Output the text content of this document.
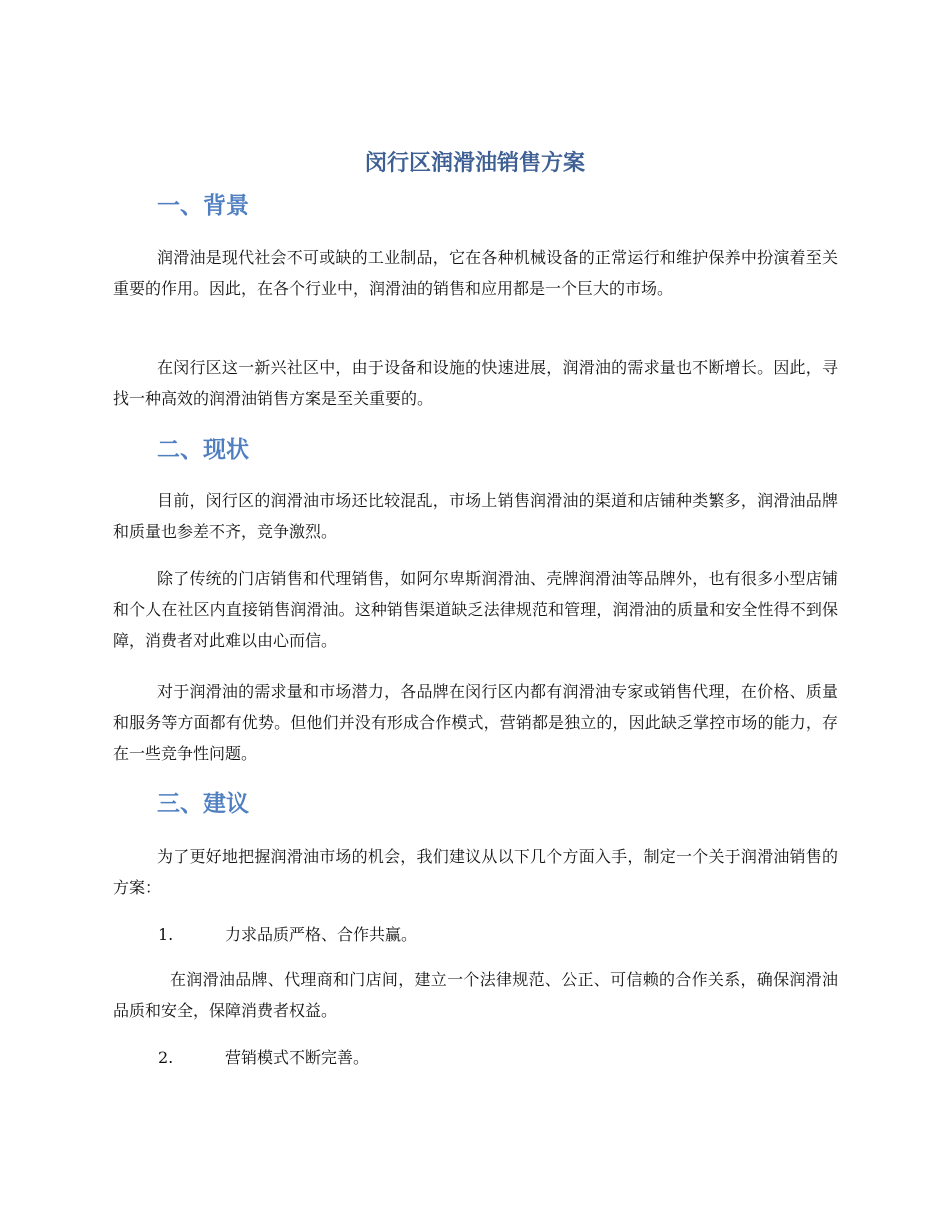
闵行区润滑油销售方案
一、背景

润滑油是现代社会不可或缺的工业制品，它在各种机械设备的正常运行和维护保养中扮演着至关重要的作用。因此，在各个行业中，润滑油的销售和应用都是一个巨大的市场。

在闵行区这一新兴社区中，由于设备和设施的快速进展，润滑油的需求量也不断增长。因此，寻找一种高效的润滑油销售方案是至关重要的。

二、现状

目前，闵行区的润滑油市场还比较混乱，市场上销售润滑油的渠道和店铺种类繁多，润滑油品牌和质量也参差不齐，竞争激烈。

除了传统的门店销售和代理销售，如阿尔卑斯润滑油、壳牌润滑油等品牌外，也有很多小型店铺和个人在社区内直接销售润滑油。这种销售渠道缺乏法律规范和管理，润滑油的质量和安全性得不到保障，消费者对此难以由心而信。

对于润滑油的需求量和市场潜力，各品牌在闵行区内都有润滑油专家或销售代理，在价格、质量和服务等方面都有优势。但他们并没有形成合作模式，营销都是独立的，因此缺乏掌控市场的能力，存在一些竞争性问题。

三、建议

为了更好地把握润滑油市场的机会，我们建议从以下几个方面入手，制定一个关于润滑油销售的方案：

1.	力求品质严格、合作共赢。

在润滑油品牌、代理商和门店间，建立一个法律规范、公正、可信赖的合作关系，确保润滑油品质和安全，保障消费者权益。

2.	营销模式不断完善。
